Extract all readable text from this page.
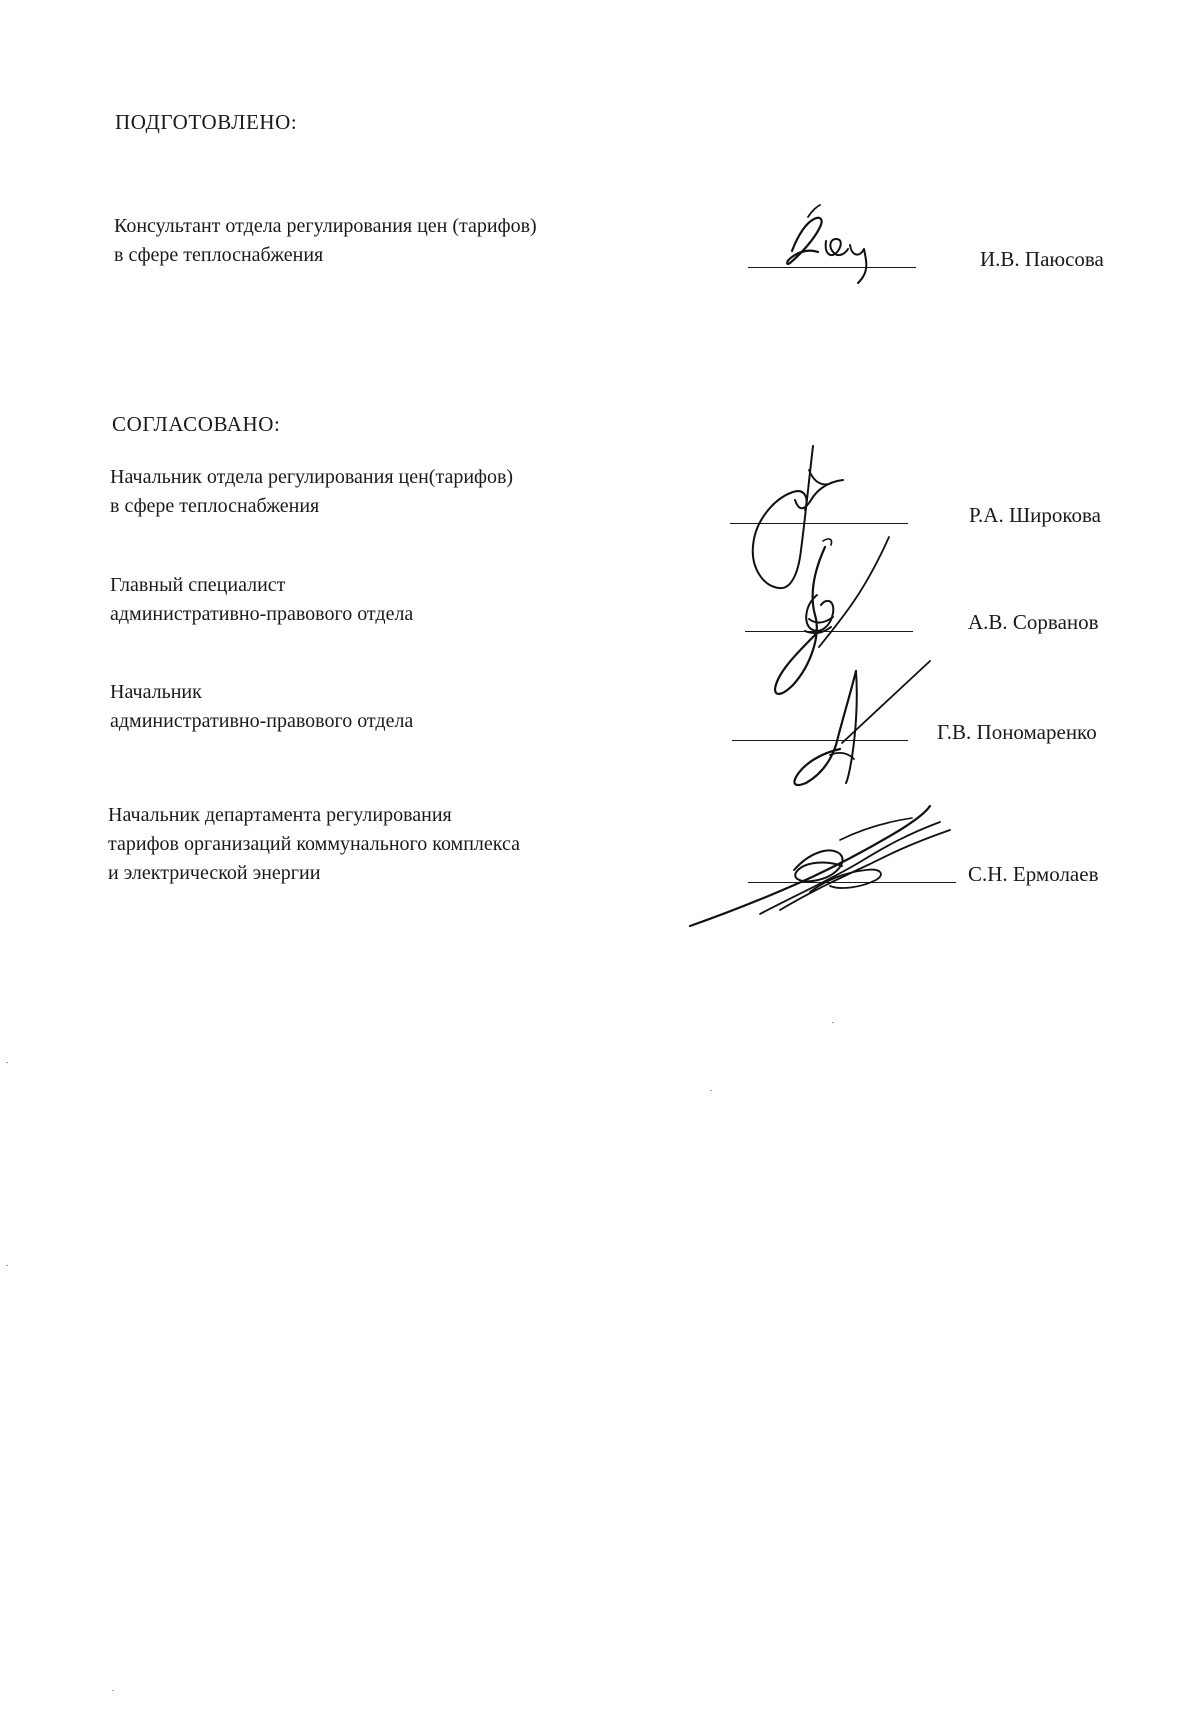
ПОДГОТОВЛЕНО:
Консультант отдела регулирования цен (тарифов)
в сфере теплоснабжения	И.В. Паюсова
СОГЛАСОВАНО:
Начальник отдела регулирования цен(тарифов)
в сфере теплоснабжения	Р.А. Широкова
Главный специалист
административно-правового отдела	А.В. Сорванов
Начальник
административно-правового отдела	Г.В. Пономаренко
Начальник департамента регулирования
тарифов организаций коммунального комплекса
и электрической энергии	С.Н. Ермолаев
